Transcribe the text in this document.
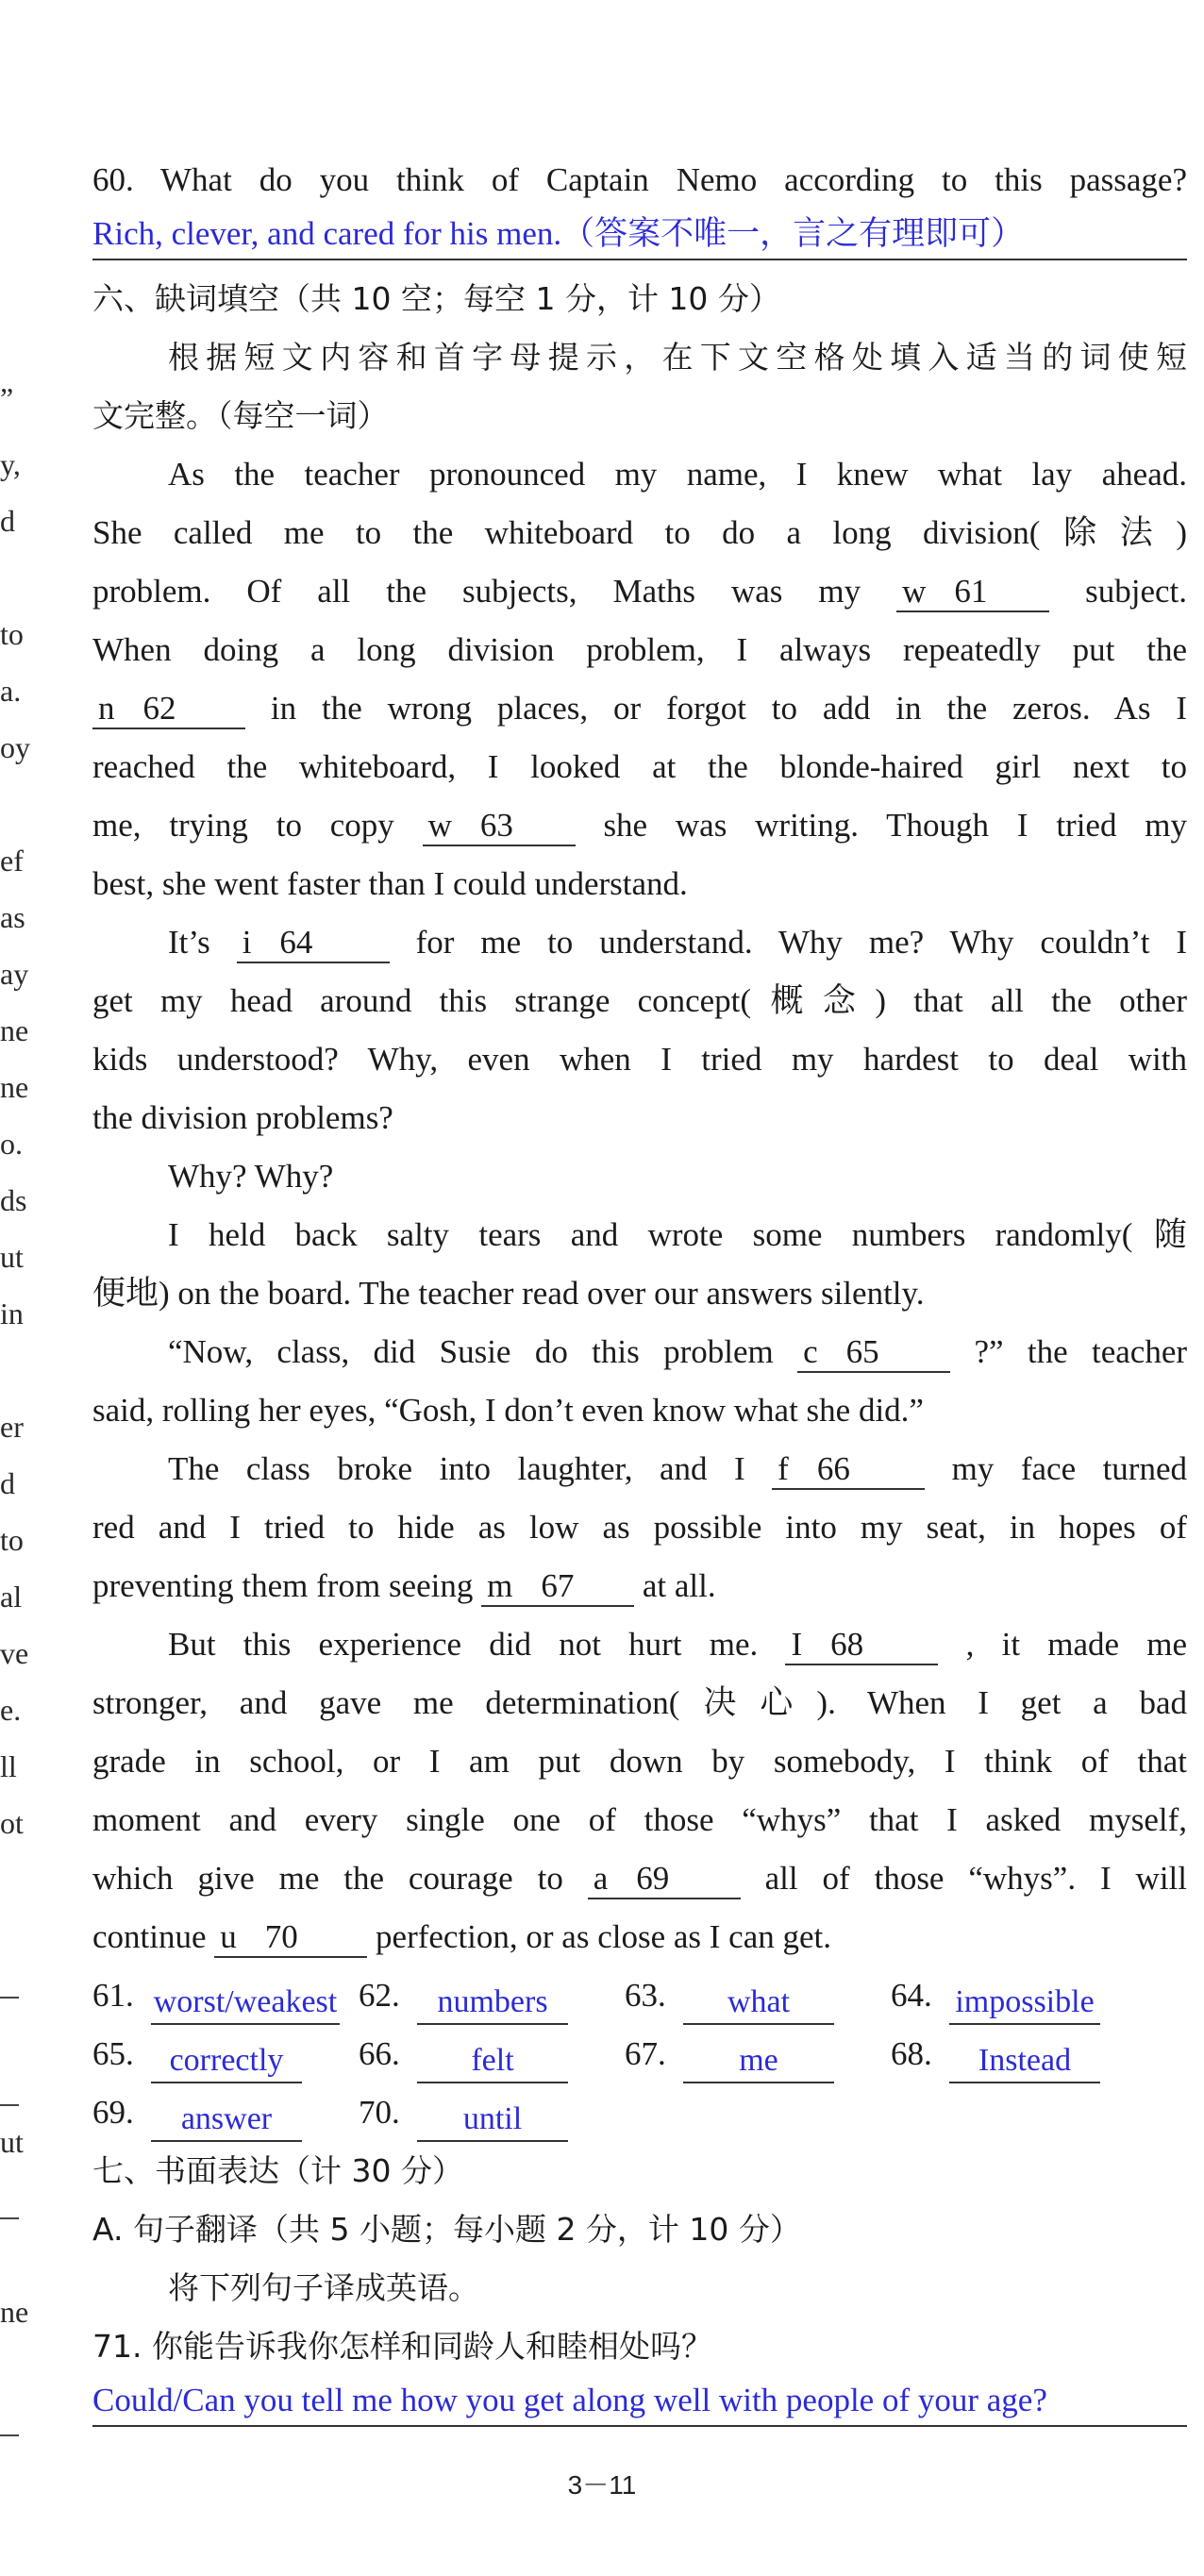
”
y,
d
to
a.
oy
ef
as
ay
ne
ne
o.
ds
ut
in
er
d
to
al
ve
e.
ll
ot
ut
ne
60. What do you think of Captain Nemo according to this passage?
Rich, clever, and cared for his men.（答案不唯一，言之有理即可）
六、缺词填空（共 10 空；每空 1 分，计 10 分）
根据短文内容和首字母提示，在下文空格处填入适当的词使短
文完整。（每空一词）
As the teacher pronounced my name, I knew what lay ahead.
She called me to the whiteboard to do a long division(除法)
problem. Of all the subjects, Maths was my w 61	subject.
When doing a long division problem, I always repeatedly put the
n 62	in the wrong places, or forgot to add in the zeros. As I
reached the whiteboard, I looked at the blonde-haired girl next to
me, trying to copy w 63	she was writing. Though I tried my
best, she went faster than I could understand.
It’s i 64	for me to understand. Why me? Why couldn’t I
get my head around this strange concept(概念) that all the other
kids understood? Why, even when I tried my hardest to deal with
the division problems?
Why? Why?
I held back salty tears and wrote some numbers randomly(随
便地) on the board. The teacher read over our answers silently.
“Now, class, did Susie do this problem c 65	?” the teacher
said, rolling her eyes, “Gosh, I don’t even know what she did.”
The class broke into laughter, and I f 66	my face turned
red and I tried to hide as low as possible into my seat, in hopes of
preventing them from seeing m 67 at all.
But this experience did not hurt me. I 68	, it made me
stronger, and gave me determination(决心). When I get a bad
grade in school, or I am put down by somebody, I think of that
moment and every single one of those “whys” that I asked myself,
which give me the courage to a 69	all of those “whys”. I will
continue u 70 perfection, or as close as I can get.
61. worst/weakest 62.	numbers	63.	what	64. impossible
65.	correctly	66.	felt	67.	me	68.	Instead
69.	answer	70.	until
七、书面表达（计 30 分）
A. 句子翻译（共 5 小题；每小题 2 分，计 10 分）
将下列句子译成英语。
71. 你能告诉我你怎样和同龄人和睦相处吗？
Could/Can you tell me how you get along well with people of your age?
3－11
